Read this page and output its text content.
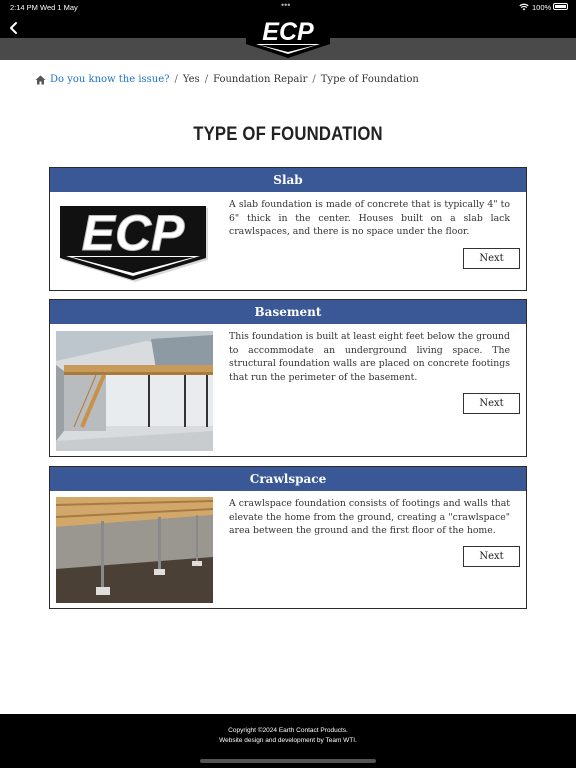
2:14 PM Wed 1 May	•••	100%
ECP
Do you know the issue? / Yes / Foundation Repair / Type of Foundation
TYPE OF FOUNDATION
Slab
ECP
A slab foundation is made of concrete that is typically 4" to 6" thick in the center. Houses built on a slab lack crawlspaces, and there is no space under the floor.
Next
Basement
This foundation is built at least eight feet below the ground to accommodate an underground living space. The structural foundation walls are placed on concrete footings that run the perimeter of the basement.
Next
Crawlspace
A crawlspace foundation consists of footings and walls that elevate the home from the ground, creating a "crawlspace" area between the ground and the first floor of the home.
Next
Copyright ©2024 Earth Contact Products.
Website design and development by Team WTI.
